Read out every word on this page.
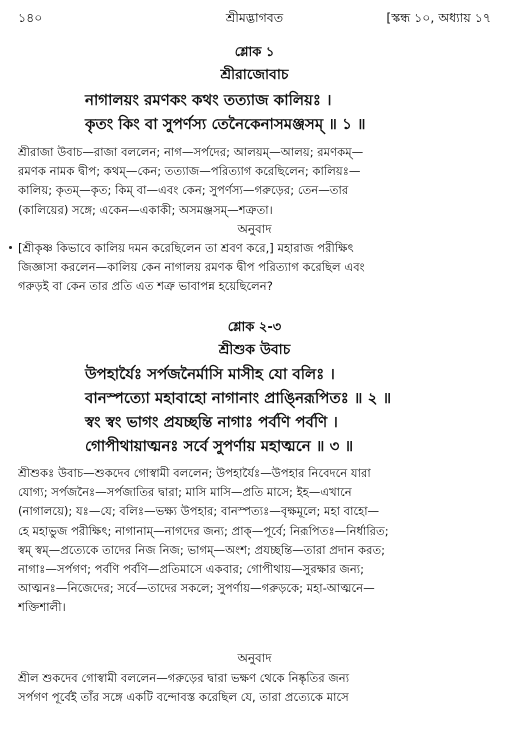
১৪০	শ্রীমদ্ভাগবত	[স্কন্ধ ১০, অধ্যায় ১৭
শ্লোক ১
শ্রীরাজোবাচ
নাগালয়ং রমণকং কথং তত্যাজ কালিয়ঃ ।
কৃতং কিং বা সুপর্ণস্য তেনৈকেনাসমঞ্জসম্ ॥ ১ ॥
শ্রীরাজা উবাচ—রাজা বললেন; নাগ—সর্পদের; আলয়ম্—আলয়; রমণকম্—
রমণক নামক দ্বীপ; কথম্—কেন; তত্যাজ—পরিত্যাগ করেছিলেন; কালিয়ঃ—
কালিয়; কৃতম্—কৃত; কিম্ বা—এবং কেন; সুপর্ণস্য—গরুড়ের; তেন—তার
(কালিয়ের) সঙ্গে; একেন—একাকী; অসমঞ্জসম্—শত্রুতা।
অনুবাদ
[শ্রীকৃষ্ণ কিভাবে কালিয় দমন করেছিলেন তা শ্রবণ করে,] মহারাজ পরীক্ষিৎ
জিজ্ঞাসা করলেন—কালিয় কেন নাগালয় রমণক দ্বীপ পরিত্যাগ করেছিল এবং
গরুড়ই বা কেন তার প্রতি এত শত্রু ভাবাপন্ন হয়েছিলেন?
শ্লোক ২-৩
শ্রীশুক উবাচ
উপহার্যৈঃ সর্পজনৈর্মাসি মাসীহ যো বলিঃ ।
বানস্পত্যো মহাবাহো নাগানাং প্রাঙ্নিরূপিতঃ ॥ ২ ॥
স্বং স্বং ভাগং প্রযচ্ছন্তি নাগাঃ পর্বণি পর্বণি ।
গোপীথায়াত্মনঃ সর্বে সুপর্ণায় মহাত্মনে ॥ ৩ ॥
শ্রীশুকঃ উবাচ—শুকদেব গোস্বামী বললেন; উপহার্যৈঃ—উপহার নিবেদনে যারা
যোগ্য; সর্পজনৈঃ—সর্পজাতির দ্বারা; মাসি মাসি—প্রতি মাসে; ইহ—এখানে
(নাগালয়ে); যঃ—যে; বলিঃ—ভক্ষ্য উপহার; বানস্পত্যঃ—বৃক্ষমূলে; মহা বাহো—
হে মহাভুজ পরীক্ষিৎ; নাগানাম্—নাগদের জন্য; প্রাক্—পূর্বে; নিরূপিতঃ—নির্ধারিত;
স্বম্ স্বম্—প্রত্যেকে তাদের নিজ নিজ; ভাগম্—অংশ; প্রযচ্ছন্তি—তারা প্রদান করত;
নাগাঃ—সর্পগণ; পর্বণি পর্বণি—প্রতিমাসে একবার; গোপীথায়—সুরক্ষার জন্য;
আত্মনঃ—নিজেদের; সর্বে—তাদের সকলে; সুপর্ণায়—গরুড়কে; মহা-আত্মনে—
শক্তিশালী।
অনুবাদ
শ্রীল শুকদেব গোস্বামী বললেন—গরুড়ের দ্বারা ভক্ষণ থেকে নিষ্কৃতির জন্য
সর্পগণ পূর্বেই তাঁর সঙ্গে একটি বন্দোবস্ত করেছিল যে, তারা প্রত্যেকে মাসে
